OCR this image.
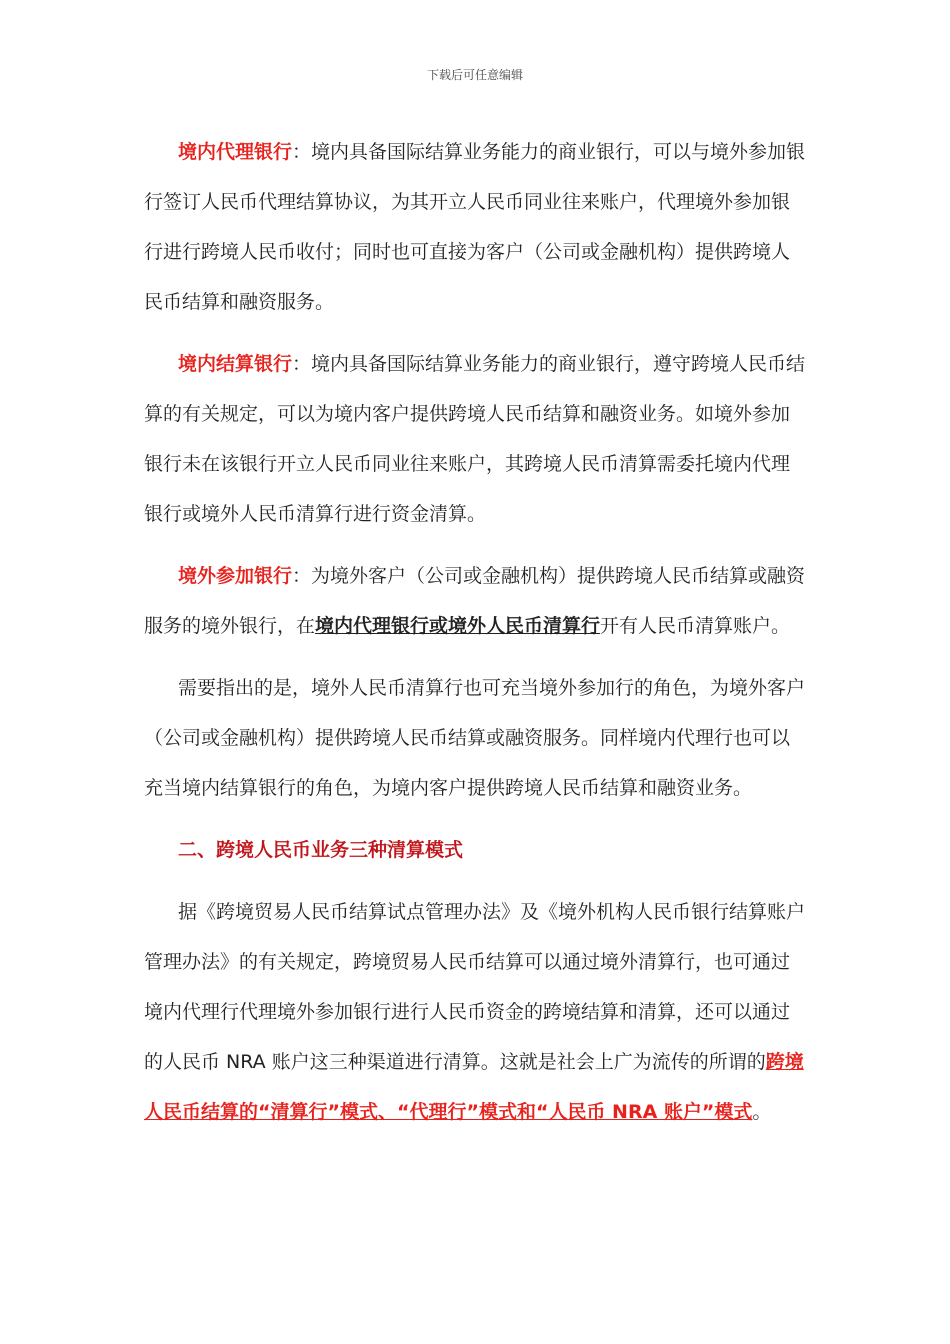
下载后可任意编辑

境内代理银行：境内具备国际结算业务能力的商业银行，可以与境外参加银行签订人民币代理结算协议，为其开立人民币同业往来账户，代理境外参加银行进行跨境人民币收付；同时也可直接为客户（公司或金融机构）提供跨境人民币结算和融资服务。

境内结算银行：境内具备国际结算业务能力的商业银行，遵守跨境人民币结算的有关规定，可以为境内客户提供跨境人民币结算和融资业务。如境外参加银行未在该银行开立人民币同业往来账户，其跨境人民币清算需委托境内代理银行或境外人民币清算行进行资金清算。

境外参加银行：为境外客户（公司或金融机构）提供跨境人民币结算或融资服务的境外银行，在境内代理银行或境外人民币清算行开有人民币清算账户。

需要指出的是，境外人民币清算行也可充当境外参加行的角色，为境外客户（公司或金融机构）提供跨境人民币结算或融资服务。同样境内代理行也可以充当境内结算银行的角色，为境内客户提供跨境人民币结算和融资业务。

二、跨境人民币业务三种清算模式

据《跨境贸易人民币结算试点管理办法》及《境外机构人民币银行结算账户管理办法》的有关规定，跨境贸易人民币结算可以通过境外清算行，也可通过境内代理行代理境外参加银行进行人民币资金的跨境结算和清算，还可以通过的人民币 NRA 账户这三种渠道进行清算。这就是社会上广为流传的所谓的跨境人民币结算的“清算行”模式、“代理行”模式和“人民币 NRA 账户”模式。
